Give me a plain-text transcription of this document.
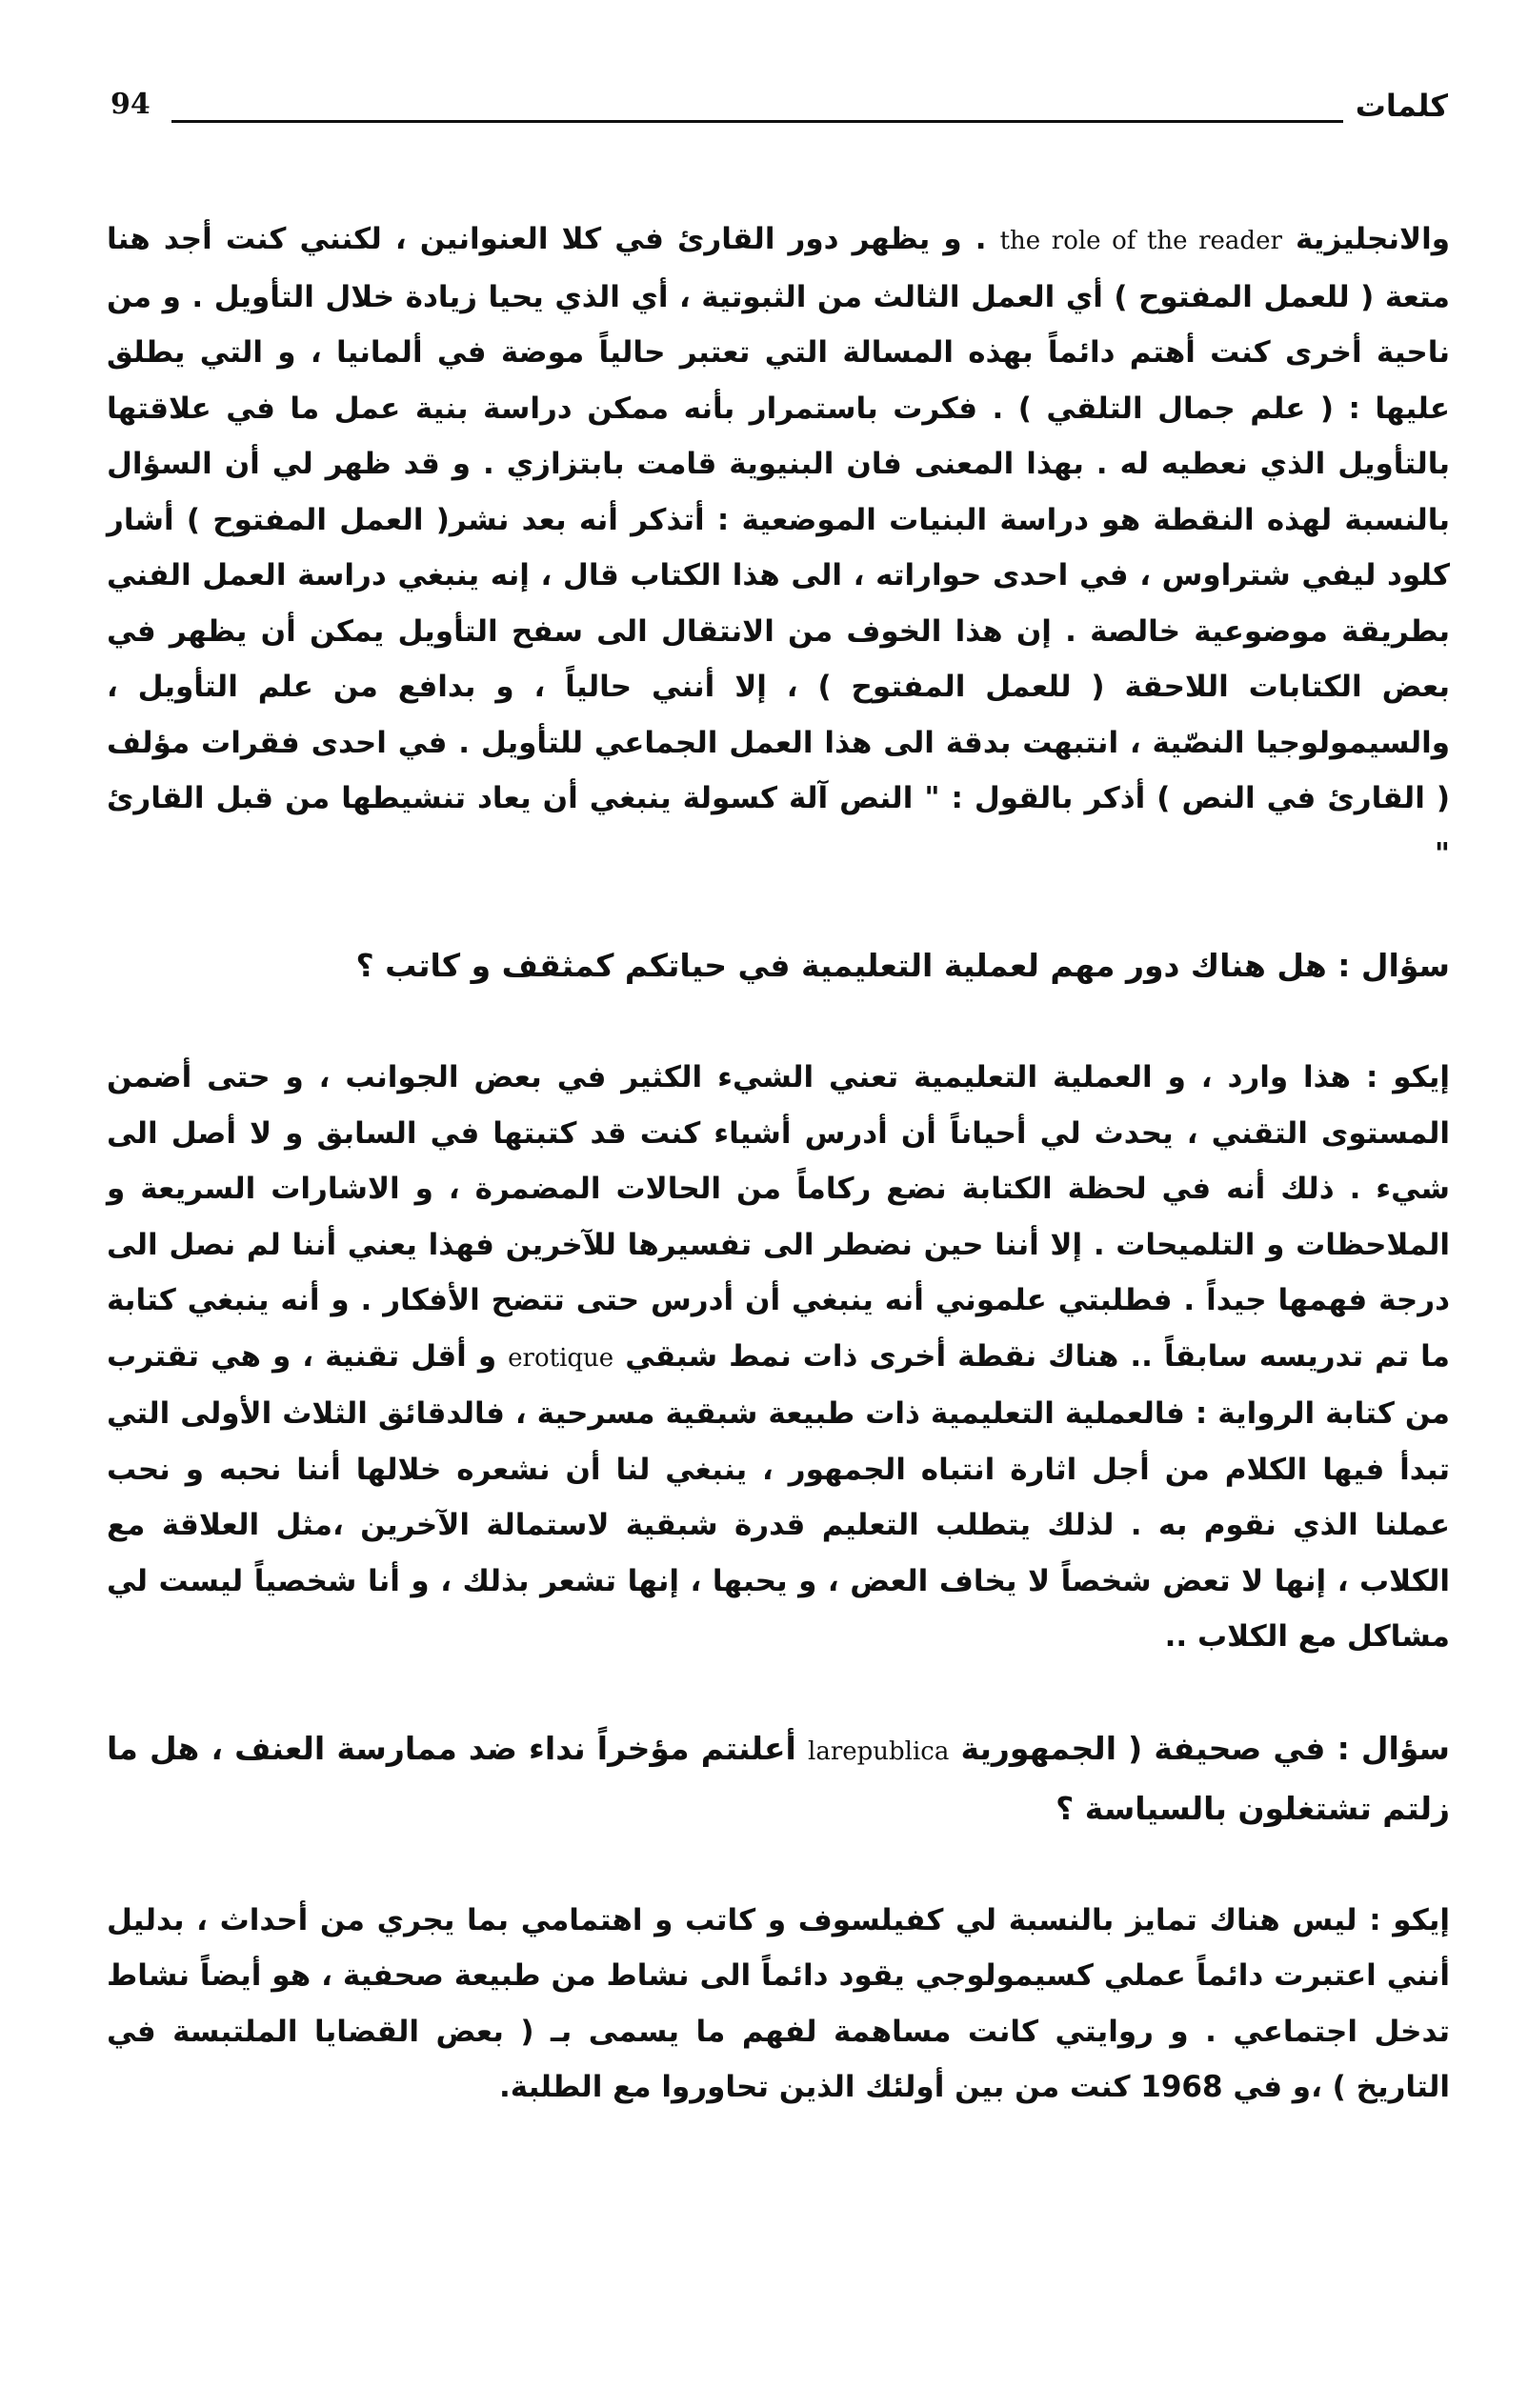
94	كلمات

والانجليزية the role of the reader . و يظهر دور القارئ في كلا العنوانين ، لكنني كنت أجد هنا متعة ( للعمل المفتوح ) أي العمل الثالث من الثبوتية ، أي الذي يحيا زيادة خلال التأويل . و من ناحية أخرى كنت أهتم دائماً بهذه المسالة التي تعتبر حالياً موضة في ألمانيا ، و التي يطلق عليها : ( علم جمال التلقي ) . فكرت باستمرار بأنه ممكن دراسة بنية عمل ما في علاقتها بالتأويل الذي نعطيه له . بهذا المعنى فان البنيوية قامت بابتزازي . و قد ظهر لي أن السؤال بالنسبة لهذه النقطة هو دراسة البنيات الموضعية : أتذكر أنه بعد نشر( العمل المفتوح ) أشار كلود ليفي شتراوس ، في احدى حواراته ، الى هذا الكتاب قال ، إنه ينبغي دراسة العمل الفني بطريقة موضوعية خالصة . إن هذا الخوف من الانتقال الى سفح التأويل يمكن أن يظهر في بعض الكتابات اللاحقة ( للعمل المفتوح ) ، إلا أنني حالياً ، و بدافع من علم التأويل ، والسيمولوجيا النصّية ، انتبهت بدقة الى هذا العمل الجماعي للتأويل . في احدى فقرات مؤلف ( القارئ في النص ) أذكر بالقول : " النص آلة كسولة ينبغي أن يعاد تنشيطها من قبل القارئ "

سؤال : هل هناك دور مهم لعملية التعليمية في حياتكم كمثقف و كاتب ؟

إيكو : هذا وارد ، و العملية التعليمية تعني الشيء الكثير في بعض الجوانب ، و حتى أضمن المستوى التقني ، يحدث لي أحياناً أن أدرس أشياء كنت قد كتبتها في السابق و لا أصل الى شيء . ذلك أنه في لحظة الكتابة نضع ركاماً من الحالات المضمرة ، و الاشارات السريعة و الملاحظات و التلميحات . إلا أننا حين نضطر الى تفسيرها للآخرين فهذا يعني أننا لم نصل الى درجة فهمها جيداً . فطلبتي علموني أنه ينبغي أن أدرس حتى تتضح الأفكار . و أنه ينبغي كتابة ما تم تدريسه سابقاً .. هناك نقطة أخرى ذات نمط شبقي erotique و أقل تقنية ، و هي تقترب من كتابة الرواية : فالعملية التعليمية ذات طبيعة شبقية مسرحية ، فالدقائق الثلاث الأولى التي تبدأ فيها الكلام من أجل اثارة انتباه الجمهور ، ينبغي لنا أن نشعره خلالها أننا نحبه و نحب عملنا الذي نقوم به . لذلك يتطلب التعليم قدرة شبقية لاستمالة الآخرين ،مثل العلاقة مع الكلاب ، إنها لا تعض شخصاً لا يخاف العض ، و يحبها ، إنها تشعر بذلك ، و أنا شخصياً ليست لي مشاكل مع الكلاب ..

سؤال : في صحيفة ( الجمهورية larepublica أعلنتم مؤخراً نداء ضد ممارسة العنف ، هل ما زلتم تشتغلون بالسياسة ؟

إيكو : ليس هناك تمايز بالنسبة لي كفيلسوف و كاتب و اهتمامي بما يجري من أحداث ، بدليل أنني اعتبرت دائماً عملي كسيمولوجي يقود دائماً الى نشاط من طبيعة صحفية ، هو أيضاً نشاط تدخل اجتماعي . و روايتي كانت مساهمة لفهم ما يسمى بـ ( بعض القضايا الملتبسة في التاريخ ) ،و في 1968 كنت من بين أولئك الذين تحاوروا مع الطلبة.
